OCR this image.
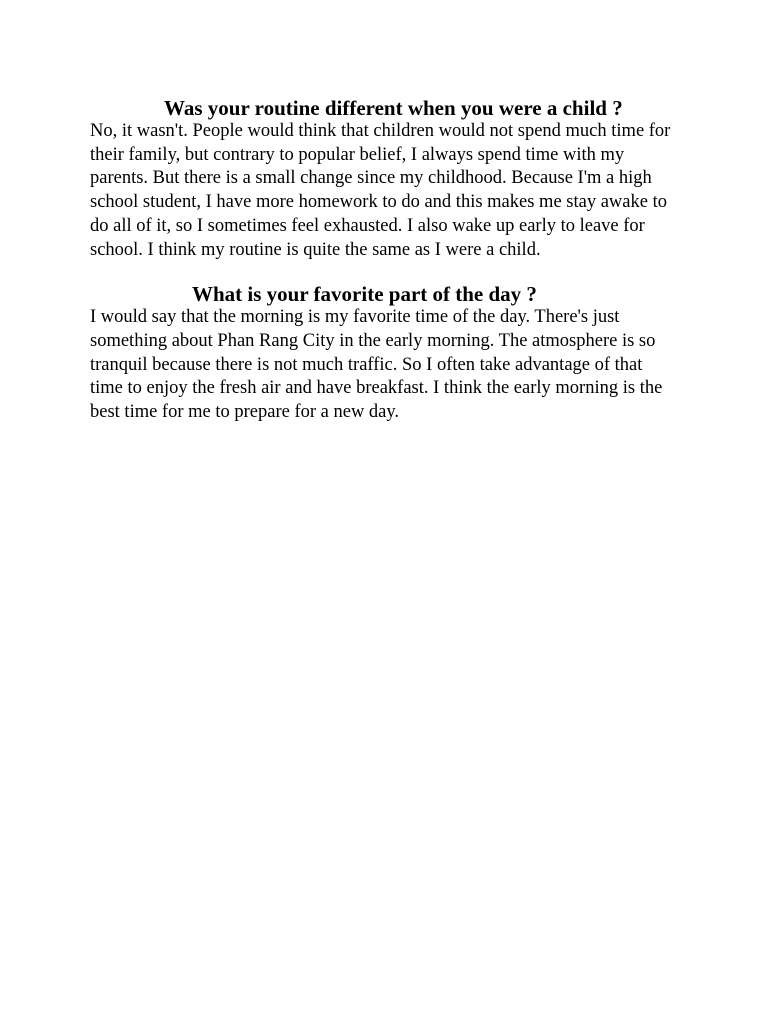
Was your routine different when you were a child ?

No, it wasn't. People would think that children would not spend much time for their family, but contrary to popular belief, I always spend time with my parents. But there is a small change since my childhood. Because I'm a high school student, I have more homework to do and this makes me stay awake to do all of it, so I sometimes feel exhausted. I also wake up early to leave for school. I think my routine is quite the same as I were a child.

What is your favorite part of the day ?

I would say that the morning is my favorite time of the day. There's just something about Phan Rang City in the early morning. The atmosphere is so tranquil because there is not much traffic. So I often take advantage of that time to enjoy the fresh air and have breakfast. I think the early morning is the best time for me to prepare for a new day.
